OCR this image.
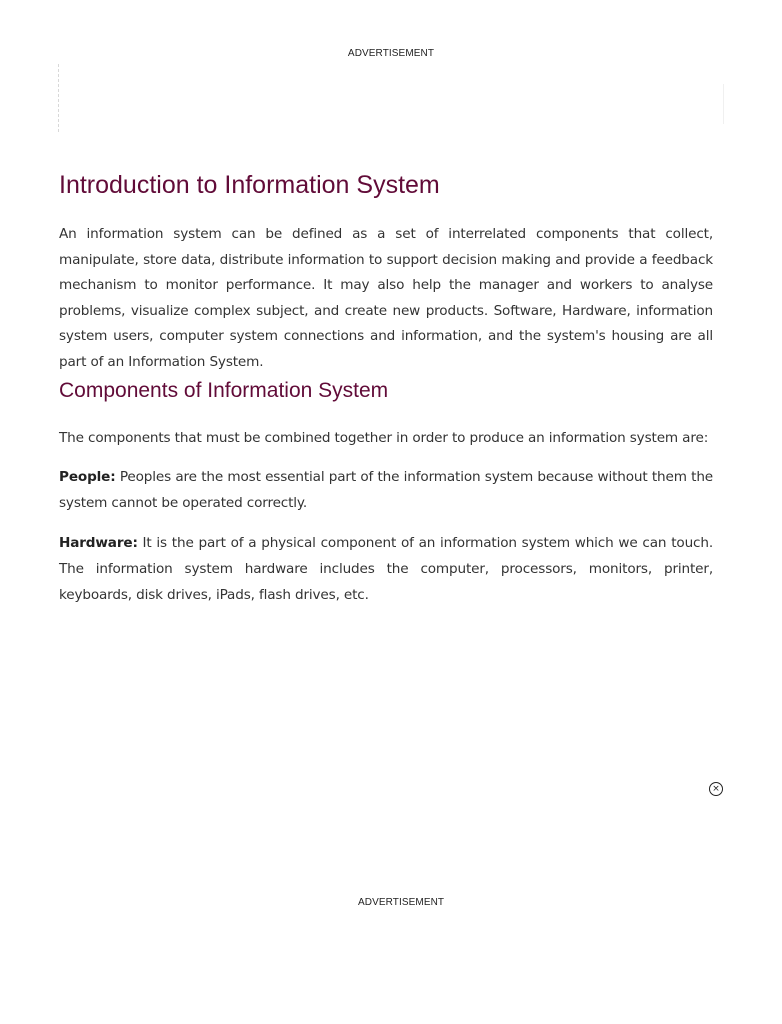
ADVERTISEMENT
Introduction to Information System

An information system can be defined as a set of interrelated components that collect, manipulate, store data, distribute information to support decision making and provide a feedback mechanism to monitor performance. It may also help the manager and workers to analyse problems, visualize complex subject, and create new products. Software, Hardware, information system users, computer system connections and information, and the system's housing are all part of an Information System.

Components of Information System

The components that must be combined together in order to produce an information system are:

People: Peoples are the most essential part of the information system because without them the system cannot be operated correctly.

Hardware: It is the part of a physical component of an information system which we can touch. The information system hardware includes the computer, processors, monitors, printer, keyboards, disk drives, iPads, flash drives, etc.

×
ADVERTISEMENT
